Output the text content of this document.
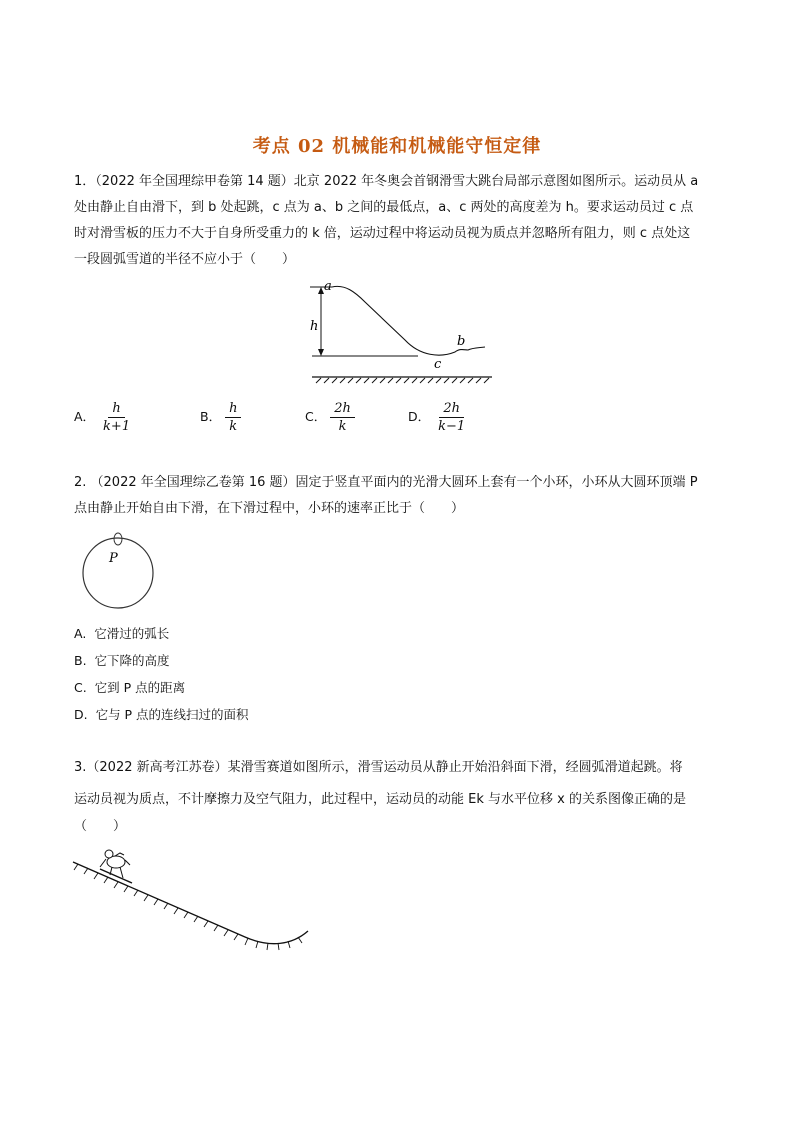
考点 02 机械能和机械能守恒定律
1．（2022 年全国理综甲卷第 14 题）北京 2022 年冬奥会首钢滑雪大跳台局部示意图如图所示。运动员从 a
处由静止自由滑下，到 b 处起跳，c 点为 a、b 之间的最低点，a、c 两处的高度差为 h。要求运动员过 c 点
时对滑雪板的压力不大于自身所受重力的 k 倍，运动过程中将运动员视为质点并忽略所有阻力，则 c 点处这
一段圆弧雪道的半径不应小于（　　）
a
h
b
c
A． $\frac{h}{k+1}$	B． $\frac{h}{k}$	C． $\frac{2h}{k}$	D． $\frac{2h}{k-1}$
2. （2022 年全国理综乙卷第 16 题）固定于竖直平面内的光滑大圆环上套有一个小环，小环从大圆环顶端 P
点由静止开始自由下滑，在下滑过程中，小环的速率正比于（　　）
P
A. 它滑过的弧长
B. 它下降的高度
C. 它到 P 点的距离
D. 它与 P 点的连线扫过的面积
3.（2022 新高考江苏卷）某滑雪赛道如图所示，滑雪运动员从静止开始沿斜面下滑，经圆弧滑道起跳。将
运动员视为质点，不计摩擦力及空气阻力，此过程中，运动员的动能 Ek 与水平位移 x 的关系图像正确的是
（　　）
